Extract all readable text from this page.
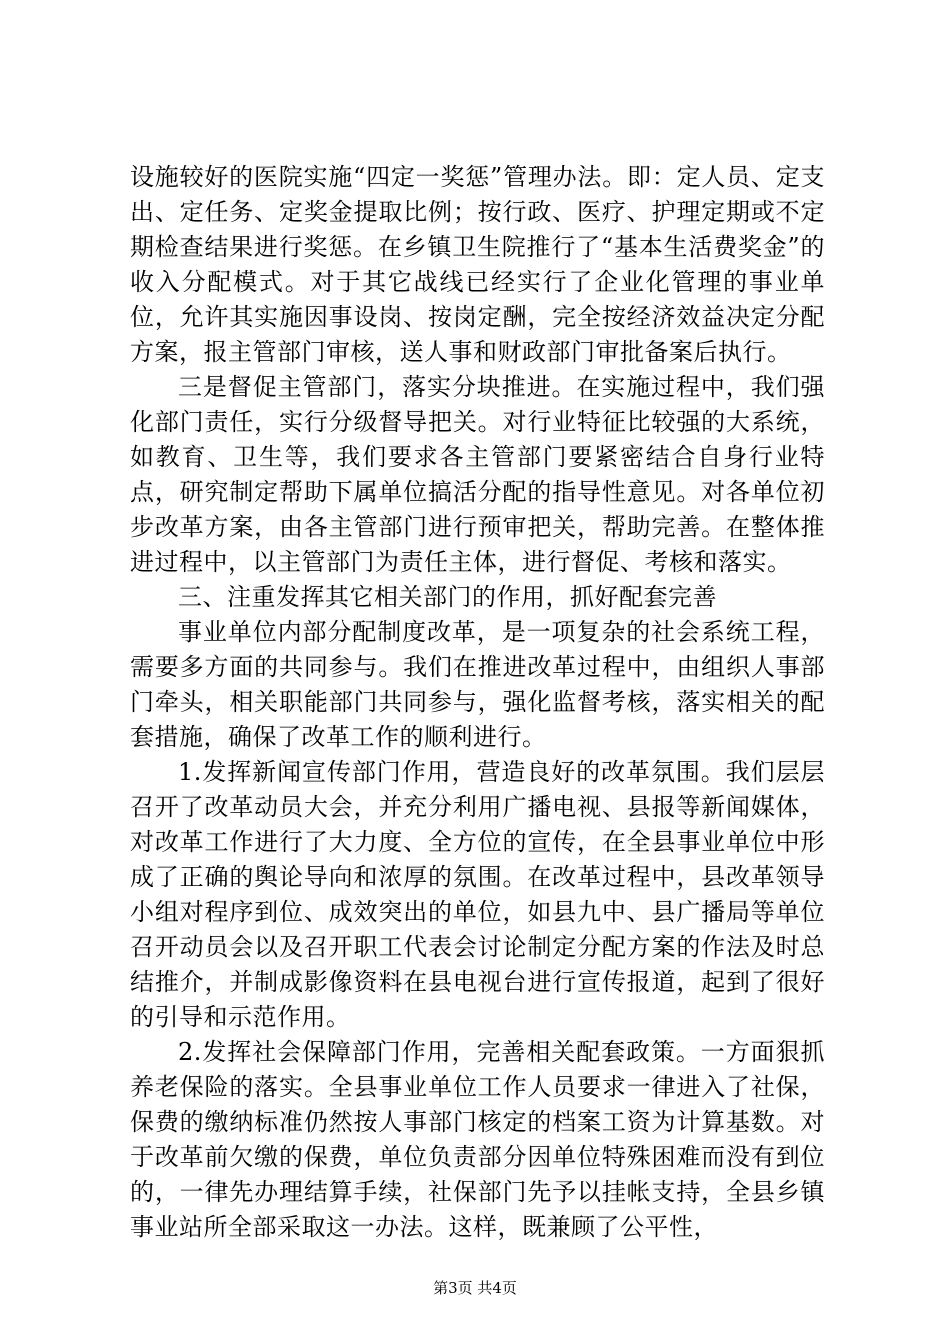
设施较好的医院实施“四定一奖惩”管理办法。即：定人员、定支出、定任务、定奖金提取比例；按行政、医疗、护理定期或不定期检查结果进行奖惩。在乡镇卫生院推行了“基本生活费奖金”的收入分配模式。对于其它战线已经实行了企业化管理的事业单位，允许其实施因事设岗、按岗定酬，完全按经济效益决定分配方案，报主管部门审核，送人事和财政部门审批备案后执行。

三是督促主管部门，落实分块推进。在实施过程中，我们强化部门责任，实行分级督导把关。对行业特征比较强的大系统，如教育、卫生等，我们要求各主管部门要紧密结合自身行业特点，研究制定帮助下属单位搞活分配的指导性意见。对各单位初步改革方案，由各主管部门进行预审把关，帮助完善。在整体推进过程中，以主管部门为责任主体，进行督促、考核和落实。

三、注重发挥其它相关部门的作用，抓好配套完善

事业单位内部分配制度改革，是一项复杂的社会系统工程，需要多方面的共同参与。我们在推进改革过程中，由组织人事部门牵头，相关职能部门共同参与，强化监督考核，落实相关的配套措施，确保了改革工作的顺利进行。

1.发挥新闻宣传部门作用，营造良好的改革氛围。我们层层召开了改革动员大会，并充分利用广播电视、县报等新闻媒体，对改革工作进行了大力度、全方位的宣传，在全县事业单位中形成了正确的舆论导向和浓厚的氛围。在改革过程中，县改革领导小组对程序到位、成效突出的单位，如县九中、县广播局等单位召开动员会以及召开职工代表会讨论制定分配方案的作法及时总结推介，并制成影像资料在县电视台进行宣传报道，起到了很好的引导和示范作用。

2.发挥社会保障部门作用，完善相关配套政策。一方面狠抓养老保险的落实。全县事业单位工作人员要求一律进入了社保，保费的缴纳标准仍然按人事部门核定的档案工资为计算基数。对于改革前欠缴的保费，单位负责部分因单位特殊困难而没有到位的，一律先办理结算手续，社保部门先予以挂帐支持，全县乡镇事业站所全部采取这一办法。这样，既兼顾了公平性，

第3页 共4页
